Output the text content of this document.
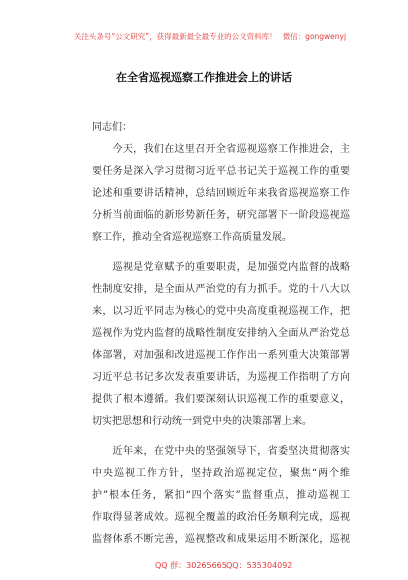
关注头条号“公文研究”，获得最新最全最专业的公文资料库！ 微信：gongwenyj
在全省巡视巡察工作推进会上的讲话
同志们：
今天，我们在这里召开全省巡视巡察工作推进会，主
要任务是深入学习贯彻习近平总书记关于巡视工作的重要
论述和重要讲话精神，总结回顾近年来我省巡视巡察工作
分析当前面临的新形势新任务，研究部署下一阶段巡视巡
察工作，推动全省巡视巡察工作高质量发展。
巡视是党章赋予的重要职责，是加强党内监督的战略
性制度安排，是全面从严治党的有力抓手。党的十八大以
来，以习近平同志为核心的党中央高度重视巡视工作，把
巡视作为党内监督的战略性制度安排纳入全面从严治党总
体部署，对加强和改进巡视工作作出一系列重大决策部署
习近平总书记多次发表重要讲话，为巡视工作指明了方向
提供了根本遵循。我们要深刻认识巡视工作的重要意义，
切实把思想和行动统一到党中央的决策部署上来。
近年来，在党中央的坚强领导下，省委坚决贯彻落实
中央巡视工作方针，坚持政治巡视定位，聚焦“两个维
护”根本任务，紧扣“四个落实”监督重点，推动巡视工
作取得显著成效。巡视全覆盖的政治任务顺利完成，巡视
监督体系不断完善，巡视整改和成果运用不断深化，巡视
QQ 群：30265665 QQ：535304092
